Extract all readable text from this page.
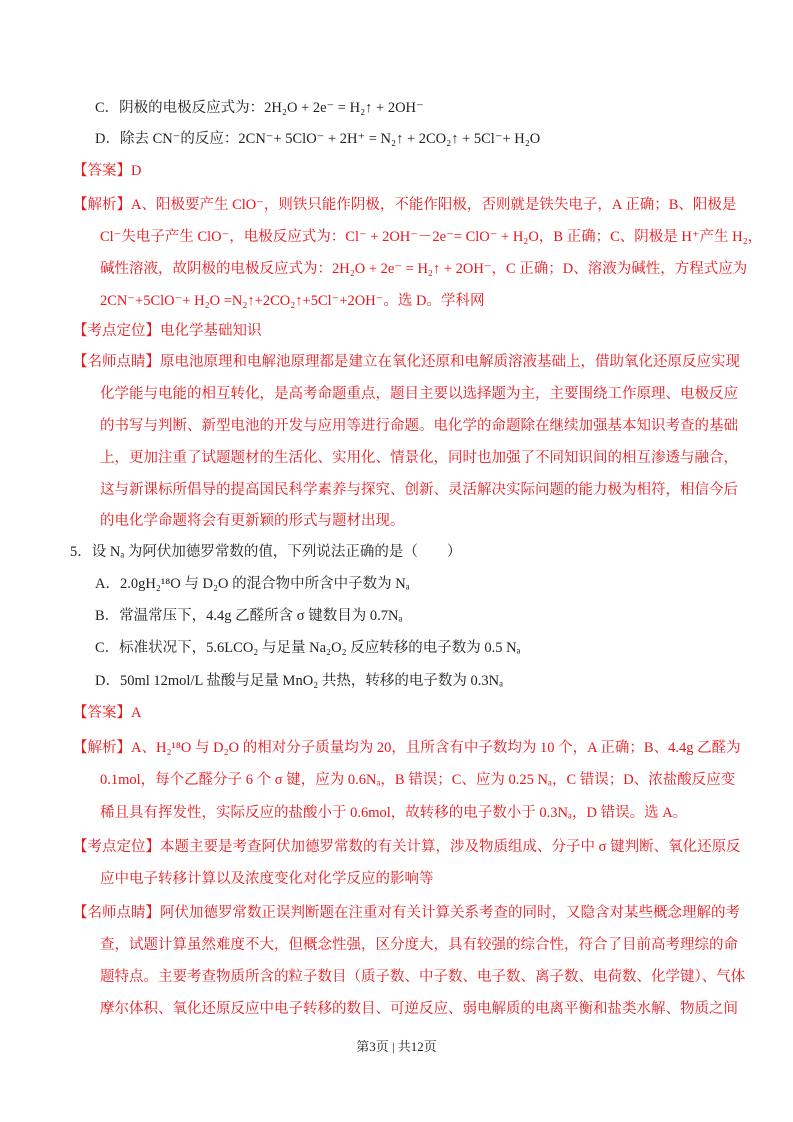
C．阴极的电极反应式为：2H₂O + 2e⁻ = H₂↑ + 2OH⁻
D．除去 CN⁻的反应：2CN⁻+ 5ClO⁻ + 2H⁺ = N₂↑ + 2CO₂↑ + 5Cl⁻+ H₂O
【答案】D
【解析】A、阳极要产生 ClO⁻，则铁只能作阴极，不能作阳极，否则就是铁失电子，A 正确；B、阳极是
Cl⁻失电子产生 ClO⁻，电极反应式为：Cl⁻ + 2OH⁻－2e⁻= ClO⁻ + H₂O，B 正确；C、阴极是 H⁺产生 H₂，
碱性溶液，故阴极的电极反应式为：2H₂O + 2e⁻ = H₂↑ + 2OH⁻，C 正确；D、溶液为碱性，方程式应为
2CN⁻+5ClO⁻+ H₂O =N₂↑+2CO₂↑+5Cl⁻+2OH⁻。选 D。学科网
【考点定位】电化学基础知识
【名师点睛】原电池原理和电解池原理都是建立在氧化还原和电解质溶液基础上，借助氧化还原反应实现
化学能与电能的相互转化，是高考命题重点，题目主要以选择题为主，主要围绕工作原理、电极反应
的书写与判断、新型电池的开发与应用等进行命题。电化学的命题除在继续加强基本知识考查的基础
上，更加注重了试题题材的生活化、实用化、情景化，同时也加强了不同知识间的相互渗透与融合，
这与新课标所倡导的提高国民科学素养与探究、创新、灵活解决实际问题的能力极为相符，相信今后
的电化学命题将会有更新颖的形式与题材出现。
5．设 Nₐ 为阿伏加德罗常数的值，下列说法正确的是（　　）
A．2.0gH₂¹⁸O 与 D₂O 的混合物中所含中子数为 Nₐ
B．常温常压下，4.4g 乙醛所含 σ 键数目为 0.7Nₐ
C．标准状况下，5.6LCO₂ 与足量 Na₂O₂ 反应转移的电子数为 0.5 Nₐ
D．50ml 12mol/L 盐酸与足量 MnO₂ 共热，转移的电子数为 0.3Nₐ
【答案】A
【解析】A、H₂¹⁸O 与 D₂O 的相对分子质量均为 20，且所含有中子数均为 10 个，A 正确；B、4.4g 乙醛为
0.1mol，每个乙醛分子 6 个 σ 键，应为 0.6Nₐ，B 错误；C、应为 0.25 Nₐ，C 错误；D、浓盐酸反应变
稀且具有挥发性，实际反应的盐酸小于 0.6mol，故转移的电子数小于 0.3Nₐ，D 错误。选 A。
【考点定位】本题主要是考查阿伏加德罗常数的有关计算，涉及物质组成、分子中 σ 键判断、氧化还原反
应中电子转移计算以及浓度变化对化学反应的影响等
【名师点睛】阿伏加德罗常数正误判断题在注重对有关计算关系考查的同时，又隐含对某些概念理解的考
查，试题计算虽然难度不大，但概念性强，区分度大，具有较强的综合性，符合了目前高考理综的命
题特点。主要考查物质所含的粒子数目（质子数、中子数、电子数、离子数、电荷数、化学键）、气体
摩尔体积、氧化还原反应中电子转移的数目、可逆反应、弱电解质的电离平衡和盐类水解、物质之间
第3页 | 共12页
